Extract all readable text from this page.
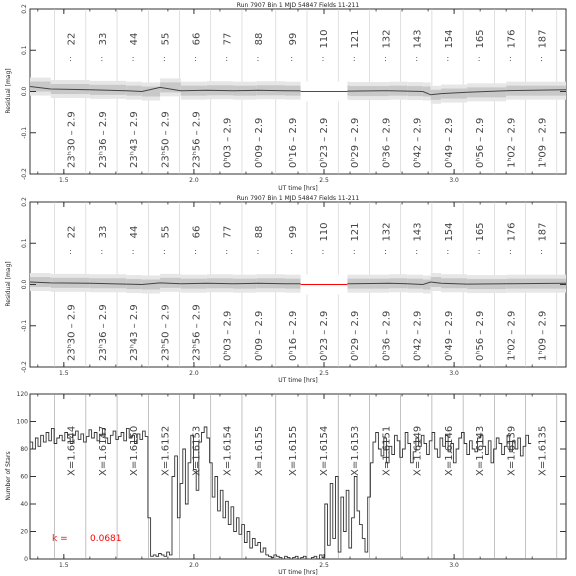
Run 7907 Bin 1 MJD 54847 Fields 11-211
Run 7907 Bin 1 MJD 54847 Fields 11-211
UT time [hrs]
UT time [hrs]
UT time [hrs]
Residual [mag]
Residual [mag]
Number of Stars
k = 0.0681
22
:
23ʰ30 – 2.9
33
:
23ʰ36 – 2.9
44
:
23ʰ43 – 2.9
55
:
23ʰ50 – 2.9
66
:
23ʰ56 – 2.9
77
:
0ʰ03 – 2.9
88
:
0ʰ09 – 2.9
99
:
0ʰ16 – 2.9
110
:
0ʰ23 – 2.9
121
:
0ʰ29 – 2.9
132
:
0ʰ36 – 2.9
143
:
0ʰ42 – 2.9
154
:
0ʰ49 – 2.9
165
:
0ʰ56 – 2.9
176
:
1ʰ02 – 2.9
187
:
1ʰ09 – 2.9
1.5	2.0	2.5	3.0
0.2
0.1
0.0
-0.1
-0.2
22
:
23ʰ30 – 2.9
33
:
23ʰ36 – 2.9
44
:
23ʰ43 – 2.9
55
:
23ʰ50 – 2.9
66
:
23ʰ56 – 2.9
77
:
0ʰ03 – 2.9
88
:
0ʰ09 – 2.9
99
:
0ʰ16 – 2.9
110
:
0ʰ23 – 2.9
121
:
0ʰ29 – 2.9
132
:
0ʰ36 – 2.9
143
:
0ʰ42 – 2.9
154
:
0ʰ49 – 2.9
165
:
0ʰ56 – 2.9
176
:
1ʰ02 – 2.9
187
:
1ʰ09 – 2.9
1.5	2.0	2.5	3.0
0.2
0.1
0.0
-0.1
-0.2
X=1.6144 X=1.6147 X=1.6150 X=1.6152 X=1.6153 X=1.6154 X=1.6155 X=1.6155 X=1.6154 X=1.6153 X=1.6151 X=1.6149 X=1.6146 X=1.6143 X=1.6139 X=1.6135
1.5	2.0	2.5	3.0
0
20
40
60
80
100
120
